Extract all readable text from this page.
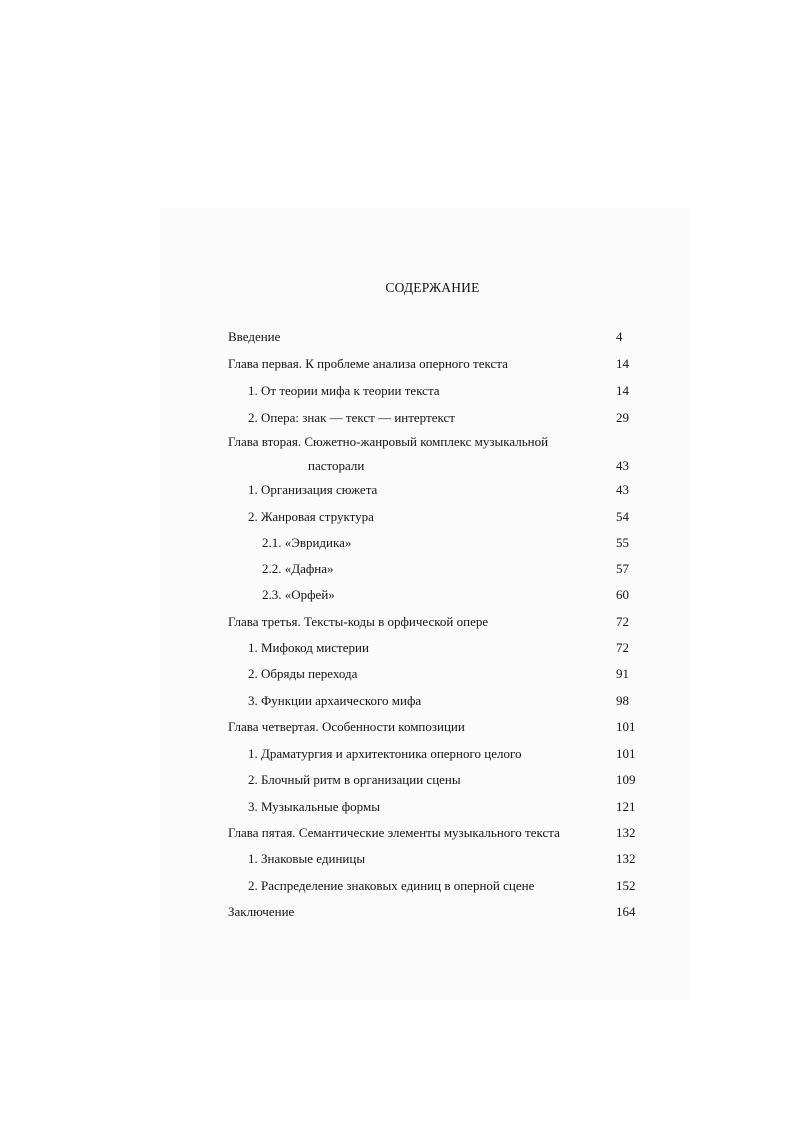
СОДЕРЖАНИЕ
Введение	4
Глава первая. К проблеме анализа оперного текста	14
1. От теории мифа к теории текста	14
2. Опера: знак — текст — интертекст	29
Глава вторая. Сюжетно-жанровый комплекс музыкальной
пасторали	43
1. Организация сюжета	43
2. Жанровая структура	54
2.1. «Эвридика»	55
2.2. «Дафна»	57
2.3. «Орфей»	60
Глава третья. Тексты-коды в орфической опере	72
1. Мифокод мистерии	72
2. Обряды перехода	91
3. Функции архаического мифа	98
Глава четвертая. Особенности композиции	101
1. Драматургия и архитектоника оперного целого	101
2. Блочный ритм в организации сцены	109
3. Музыкальные формы	121
Глава пятая. Семантические элементы музыкального текста	132
1. Знаковые единицы	132
2. Распределение знаковых единиц в оперной сцене	152
Заключение	164
